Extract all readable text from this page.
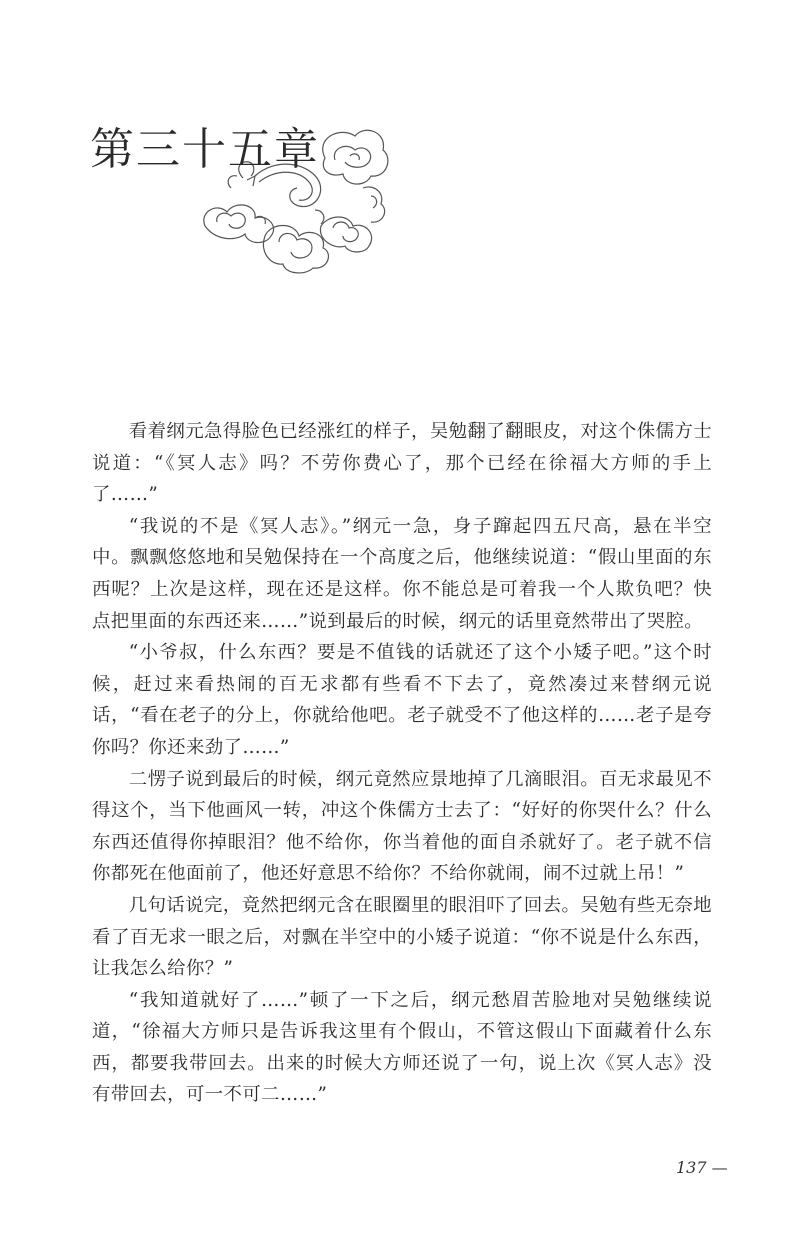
第三十五章

看着纲元急得脸色已经涨红的样子，吴勉翻了翻眼皮，对这个侏儒方士说道：“《冥人志》吗？不劳你费心了，那个已经在徐福大方师的手上了……”

“我说的不是《冥人志》。”纲元一急，身子蹿起四五尺高，悬在半空中。飘飘悠悠地和吴勉保持在一个高度之后，他继续说道：“假山里面的东西呢？上次是这样，现在还是这样。你不能总是可着我一个人欺负吧？快点把里面的东西还来……”说到最后的时候，纲元的话里竟然带出了哭腔。

“小爷叔，什么东西？要是不值钱的话就还了这个小矮子吧。”这个时候，赶过来看热闹的百无求都有些看不下去了，竟然凑过来替纲元说话，“看在老子的分上，你就给他吧。老子就受不了他这样的……老子是夸你吗？你还来劲了……”

二愣子说到最后的时候，纲元竟然应景地掉了几滴眼泪。百无求最见不得这个，当下他画风一转，冲这个侏儒方士去了：“好好的你哭什么？什么东西还值得你掉眼泪？他不给你，你当着他的面自杀就好了。老子就不信你都死在他面前了，他还好意思不给你？不给你就闹，闹不过就上吊！”

几句话说完，竟然把纲元含在眼圈里的眼泪吓了回去。吴勉有些无奈地看了百无求一眼之后，对飘在半空中的小矮子说道：“你不说是什么东西，让我怎么给你？”

“我知道就好了……”顿了一下之后，纲元愁眉苦脸地对吴勉继续说道，“徐福大方师只是告诉我这里有个假山，不管这假山下面藏着什么东西，都要我带回去。出来的时候大方师还说了一句，说上次《冥人志》没有带回去，可一不可二……”

137 —
